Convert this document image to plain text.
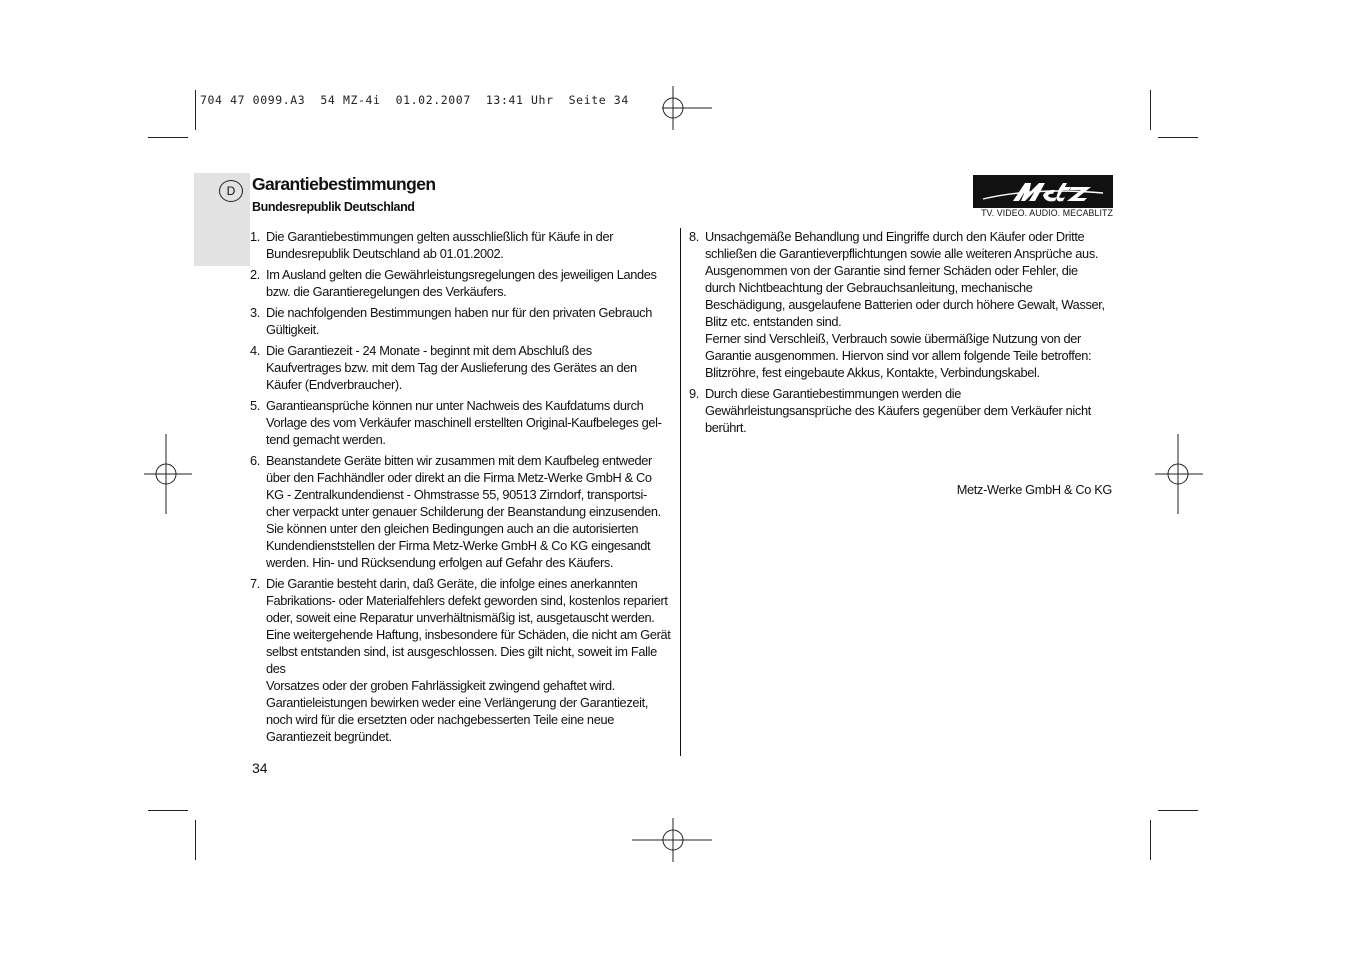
704 47 0099.A3  54 MZ-4i  01.02.2007  13:41 Uhr  Seite 34
D Garantiebestimmungen
Bundesrepublik Deutschland	TV. VIDEO. AUDIO. MECABLITZ
1. Die Garantiebestimmungen gelten ausschließlich für Käufe in der
Bundesrepublik Deutschland ab 01.01.2002.
2. Im Ausland gelten die Gewährleistungsregelungen des jeweiligen Landes
bzw. die Garantieregelungen des Verkäufers.
3. Die nachfolgenden Bestimmungen haben nur für den privaten Gebrauch
Gültigkeit.
4. Die Garantiezeit - 24 Monate - beginnt mit dem Abschluß des
Kaufvertrages bzw. mit dem Tag der Auslieferung des Gerätes an den
Käufer (Endverbraucher).
5. Garantieansprüche können nur unter Nachweis des Kaufdatums durch
Vorlage des vom Verkäufer maschinell erstellten Original-Kaufbeleges gel-
tend gemacht werden.
6. Beanstandete Geräte bitten wir zusammen mit dem Kaufbeleg entweder
über den Fachhändler oder direkt an die Firma Metz-Werke GmbH & Co
KG - Zentralkundendienst - Ohmstrasse 55, 90513 Zirndorf, transportsi-
cher verpackt unter genauer Schilderung der Beanstandung einzusenden.
Sie können unter den gleichen Bedingungen auch an die autorisierten
Kundendienststellen der Firma Metz-Werke GmbH & Co KG eingesandt
werden. Hin- und Rücksendung erfolgen auf Gefahr des Käufers.
7. Die Garantie besteht darin, daß Geräte, die infolge eines anerkannten
Fabrikations- oder Materialfehlers defekt geworden sind, kostenlos repariert
oder, soweit eine Reparatur unverhältnismäßig ist, ausgetauscht werden.
Eine weitergehende Haftung, insbesondere für Schäden, die nicht am Gerät
selbst entstanden sind, ist ausgeschlossen. Dies gilt nicht, soweit im Falle des
Vorsatzes oder der groben Fahrlässigkeit zwingend gehaftet wird.
Garantieleistungen bewirken weder eine Verlängerung der Garantiezeit,
noch wird für die ersetzten oder nachgebesserten Teile eine neue
Garantiezeit begründet.
8. Unsachgemäße Behandlung und Eingriffe durch den Käufer oder Dritte
schließen die Garantieverpflichtungen sowie alle weiteren Ansprüche aus.
Ausgenommen von der Garantie sind ferner Schäden oder Fehler, die
durch Nichtbeachtung der Gebrauchsanleitung, mechanische
Beschädigung, ausgelaufene Batterien oder durch höhere Gewalt, Wasser,
Blitz etc. entstanden sind.
Ferner sind Verschleiß, Verbrauch sowie übermäßige Nutzung von der
Garantie ausgenommen. Hiervon sind vor allem folgende Teile betroffen:
Blitzröhre, fest eingebaute Akkus, Kontakte, Verbindungskabel.
9. Durch diese Garantiebestimmungen werden die
Gewährleistungsansprüche des Käufers gegenüber dem Verkäufer nicht
berührt.
Metz-Werke GmbH & Co KG
34
